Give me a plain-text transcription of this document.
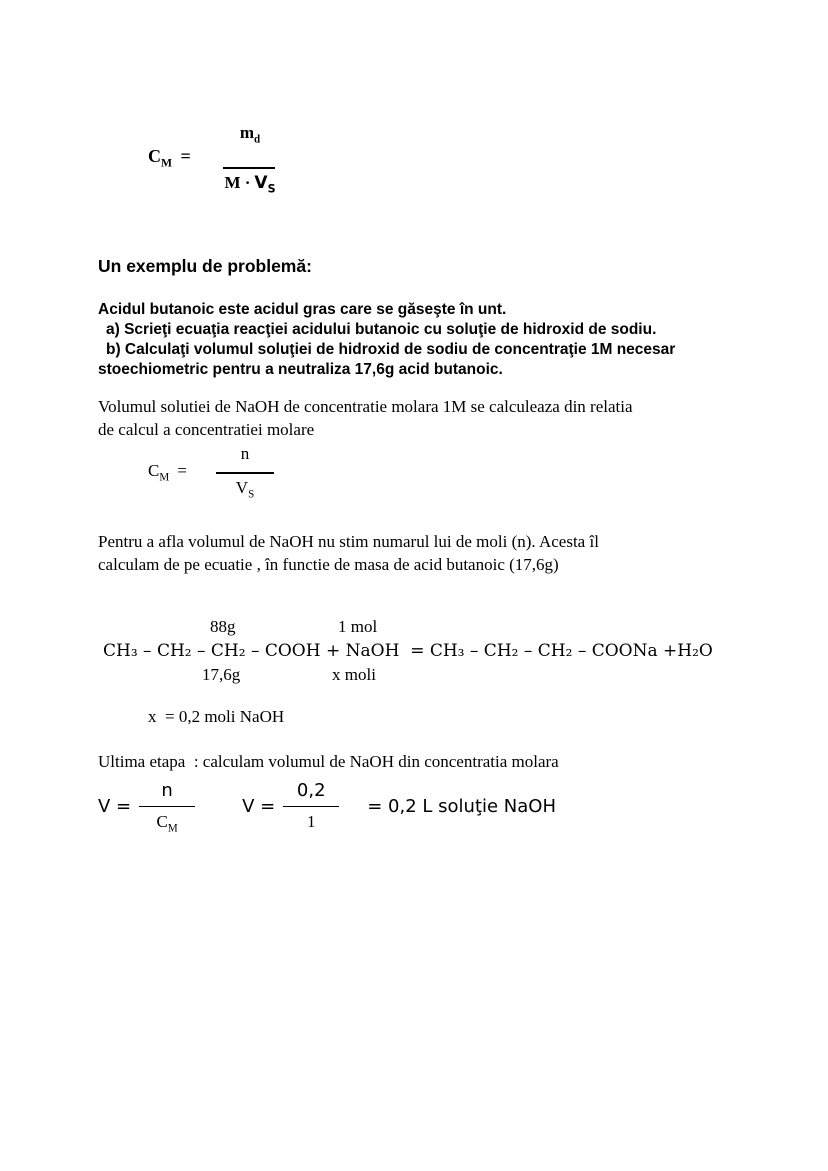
$C_M$ =
$m_d$
$M \cdot V_S$
Un exemplu de problemă:
Acidul butanoic este acidul gras care se găseşte în unt.
a) Scrieţi ecuaţia reacţiei acidului butanoic cu soluţie de hidroxid de sodiu.
b) Calculaţi volumul soluţiei de hidroxid de sodiu de concentraţie 1M necesar
stoechiometric pentru a neutraliza 17,6g acid butanoic.
Volumul solutiei de NaOH de concentratie molara 1M se calculeaza din relatia
de calcul a concentratiei molare
$C_M$ =
n
$V_S$
Pentru a afla volumul de NaOH nu stim numarul lui de moli (n). Acesta îl
calculam de pe ecuatie , în functie de masa de acid butanoic (17,6g)
88g	1 mol
CH₃ – CH₂ – CH₂ – COOH + NaOH  = CH₃ – CH₂ – CH₂ – COONa +H₂O
17,6g	x moli
x  = 0,2 moli NaOH
Ultima etapa  : calculam volumul de NaOH din concentratia molara
V =
n
$C_M$
V =
0,2
1
= 0,2 L soluţie NaOH
